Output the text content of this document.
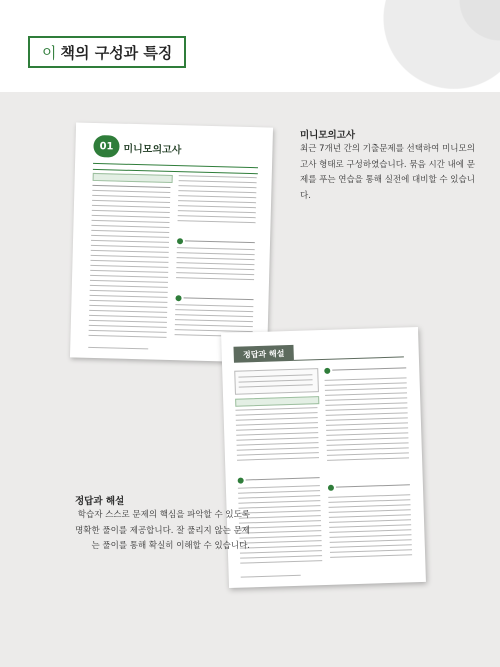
이 책의 구성과 특징
01 미니모의고사
정답과 해설
미니모의고사
최근 7개년 간의 기출문제를 선택하여 미니모의고사 형태로 구성하였습니다. 묶음 시간 내에 문제를 푸는 연습을 통해 실전에 대비할 수 있습니다.
정답과 해설
학습자 스스로 문제의 핵심을 파악할 수 있도록 명확한 풀이를 제공합니다. 잘 풀리지 않는 문제는 풀이를 통해 확실히 이해할 수 있습니다.
